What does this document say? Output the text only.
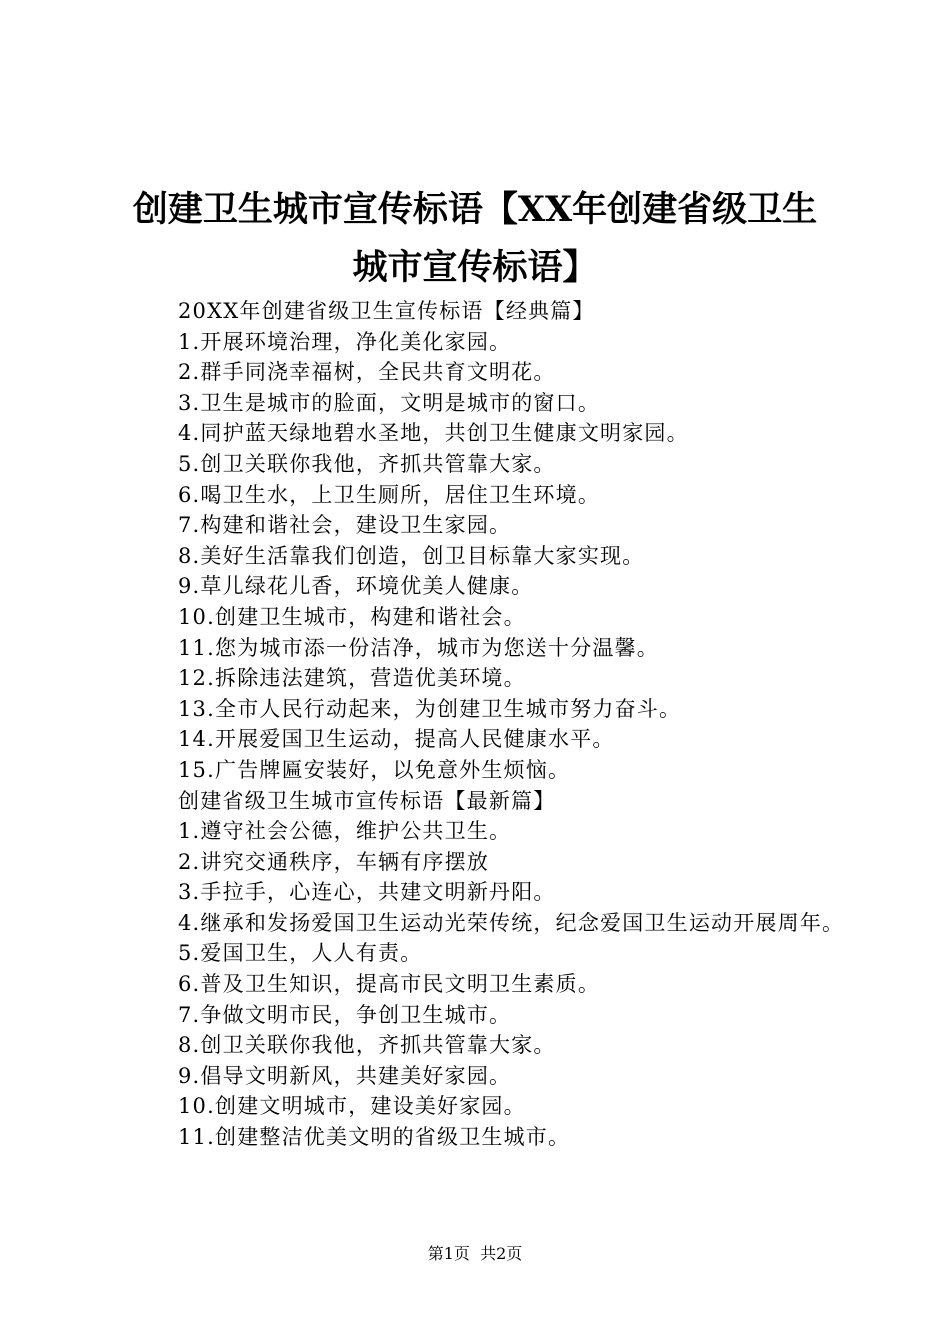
创建卫生城市宣传标语【XX年创建省级卫生
城市宣传标语】
20XX年创建省级卫生宣传标语【经典篇】
1.开展环境治理，净化美化家园。
2.群手同浇幸福树，全民共育文明花。
3.卫生是城市的脸面，文明是城市的窗口。
4.同护蓝天绿地碧水圣地，共创卫生健康文明家园。
5.创卫关联你我他，齐抓共管靠大家。
6.喝卫生水，上卫生厕所，居住卫生环境。
7.构建和谐社会，建设卫生家园。
8.美好生活靠我们创造，创卫目标靠大家实现。
9.草儿绿花儿香，环境优美人健康。
10.创建卫生城市，构建和谐社会。
11.您为城市添一份洁净，城市为您送十分温馨。
12.拆除违法建筑，营造优美环境。
13.全市人民行动起来，为创建卫生城市努力奋斗。
14.开展爱国卫生运动，提高人民健康水平。
15.广告牌匾安装好，以免意外生烦恼。
创建省级卫生城市宣传标语【最新篇】
1.遵守社会公德，维护公共卫生。
2.讲究交通秩序，车辆有序摆放
3.手拉手，心连心，共建文明新丹阳。
4.继承和发扬爱国卫生运动光荣传统，纪念爱国卫生运动开展周年。
5.爱国卫生，人人有责。
6.普及卫生知识，提高市民文明卫生素质。
7.争做文明市民，争创卫生城市。
8.创卫关联你我他，齐抓共管靠大家。
9.倡导文明新风，共建美好家园。
10.创建文明城市，建设美好家园。
11.创建整洁优美文明的省级卫生城市。
第1页  共2页
